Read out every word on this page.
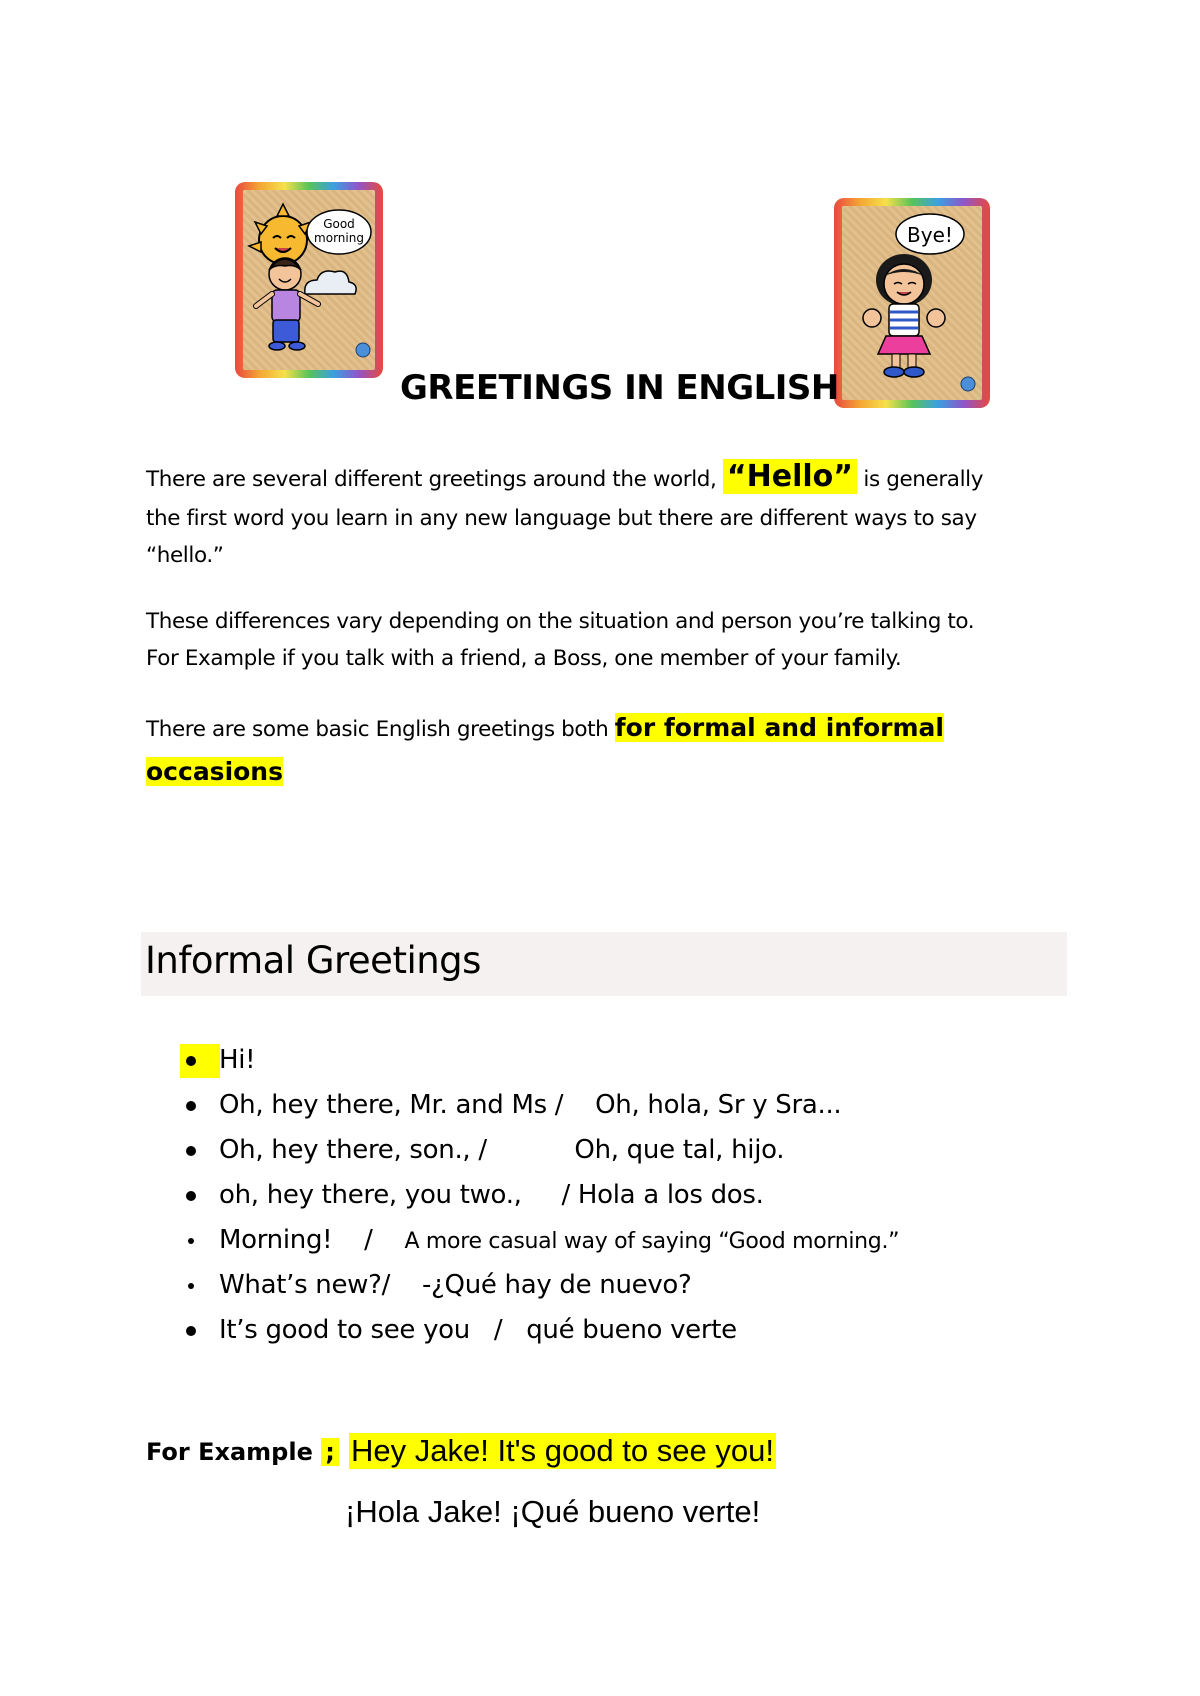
Good
morning	Bye!
GREETINGS IN ENGLISH
There are several different greetings around the world, “Hello” is generally
the first word you learn in any new language but there are different ways to say
“hello.”
These differences vary depending on the situation and person you’re talking to.
For Example if you talk with a friend, a Boss, one member of your family.
There are some basic English greetings both for formal and informal
occasions
Informal Greetings
Hi!
Oh, hey there, Mr. and Ms /    Oh, hola, Sr y Sra...
Oh, hey there, son., /           Oh, que tal, hijo.
oh, hey there, you two.,     / Hola a los dos.
Morning!    /    A more casual way of saying “Good morning.”
What’s new?/    -¿Qué hay de nuevo?
It’s good to see you   /   qué bueno verte
For Example ; Hey Jake! It's good to see you!
¡Hola Jake! ¡Qué bueno verte!
